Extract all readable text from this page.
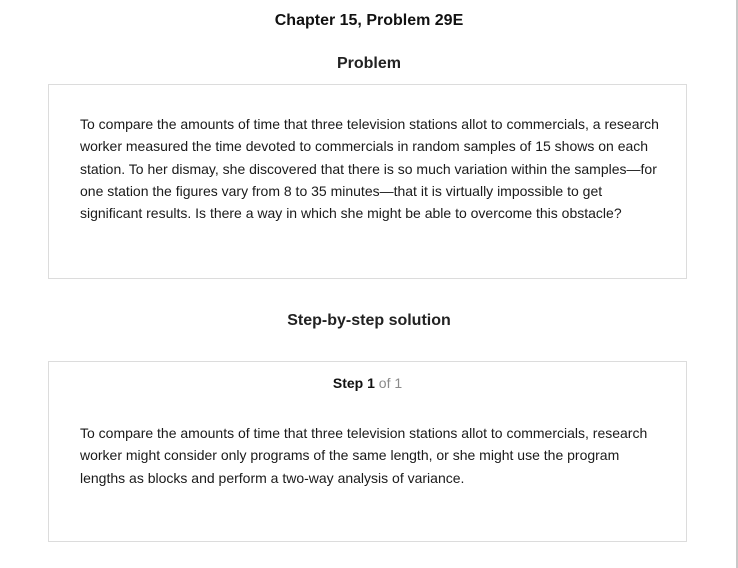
Chapter 15, Problem 29E
Problem

To compare the amounts of time that three television stations allot to commercials, a research worker measured the time devoted to commercials in random samples of 15 shows on each station. To her dismay, she discovered that there is so much variation within the samples—for one station the figures vary from 8 to 35 minutes—that it is virtually impossible to get significant results. Is there a way in which she might be able to overcome this obstacle?

Step-by-step solution
Step 1 of 1

To compare the amounts of time that three television stations allot to commercials, research worker might consider only programs of the same length, or she might use the program lengths as blocks and perform a two-way analysis of variance.
